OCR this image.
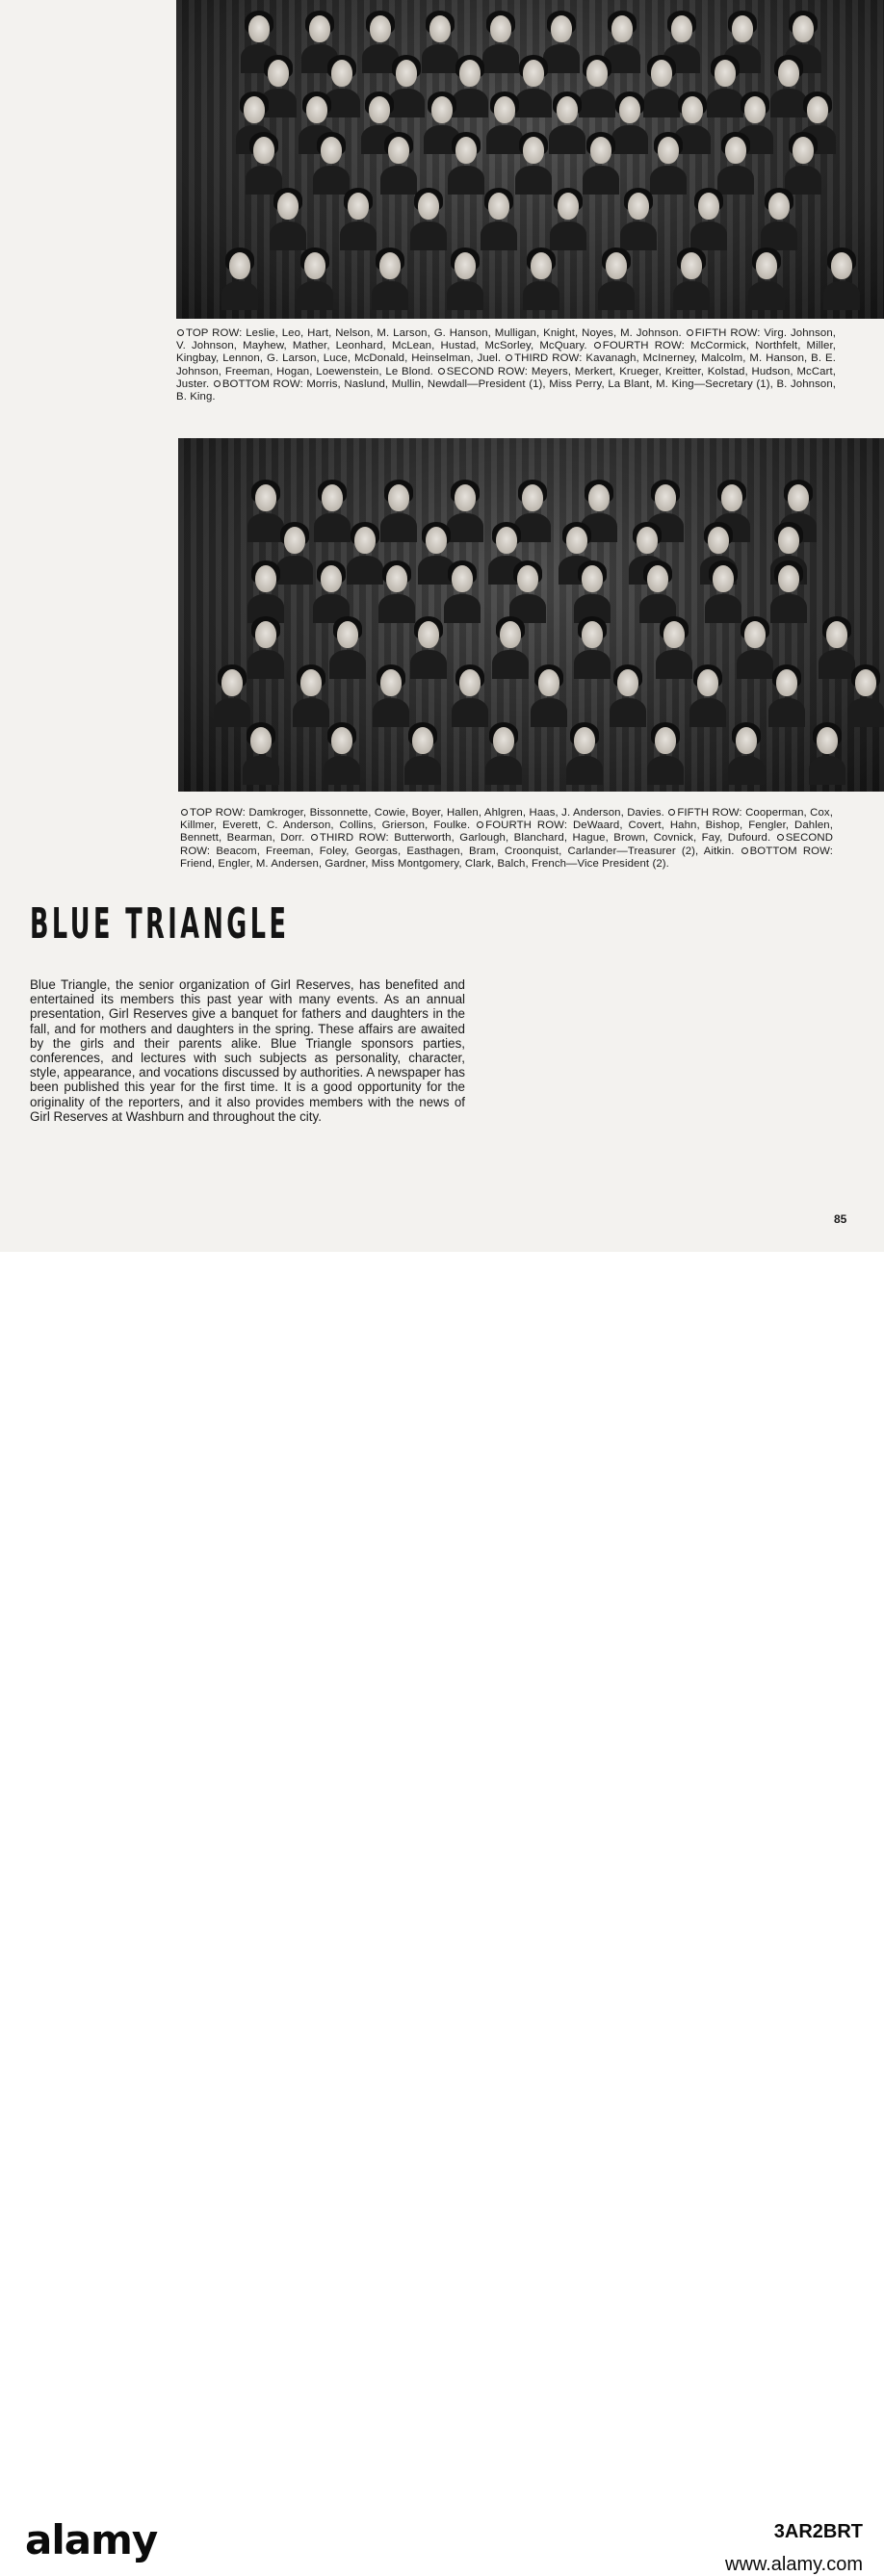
TOP ROW: Leslie, Leo, Hart, Nelson, M. Larson, G. Hanson, Mulligan, Knight, Noyes, M. Johnson. FIFTH ROW: Virg. Johnson, V. Johnson, Mayhew, Mather, Leonhard, McLean, Hustad, McSorley, McQuary. FOURTH ROW: McCormick, Northfelt, Miller, Kingbay, Lennon, G. Larson, Luce, McDonald, Heinselman, Juel. THIRD ROW: Kavanagh, McInerney, Malcolm, M. Hanson, B. E. Johnson, Freeman, Hogan, Loewenstein, Le Blond. SECOND ROW: Meyers, Merkert, Krueger, Kreitter, Kolstad, Hudson, McCart, Juster. BOTTOM ROW: Morris, Naslund, Mullin, Newdall—President (1), Miss Perry, La Blant, M. King—Secretary (1), B. Johnson, B. King.
TOP ROW: Damkroger, Bissonnette, Cowie, Boyer, Hallen, Ahlgren, Haas, J. Anderson, Davies. FIFTH ROW: Cooperman, Cox, Killmer, Everett, C. Anderson, Collins, Grierson, Foulke. FOURTH ROW: DeWaard, Covert, Hahn, Bishop, Fengler, Dahlen, Bennett, Bearman, Dorr. THIRD ROW: Butterworth, Garlough, Blanchard, Hague, Brown, Covnick, Fay, Dufourd. SECOND ROW: Beacom, Freeman, Foley, Georgas, Easthagen, Bram, Croonquist, Carlander—Treasurer (2), Aitkin. BOTTOM ROW: Friend, Engler, M. Andersen, Gardner, Miss Montgomery, Clark, Balch, French—Vice President (2).
BLUE TRIANGLE
Blue Triangle, the senior organization of Girl Reserves, has benefited and entertained its members this past year with many events. As an annual presentation, Girl Reserves give a banquet for fathers and daughters in the fall, and for mothers and daughters in the spring. These affairs are awaited by the girls and their parents alike. Blue Triangle sponsors parties, conferences, and lectures with such subjects as personality, character, style, appearance, and vocations discussed by authorities. A newspaper has been published this year for the first time. It is a good opportunity for the originality of the reporters, and it also provides members with the news of Girl Reserves at Washburn and throughout the city.
85
alamy	3AR2BRT
www.alamy.com
